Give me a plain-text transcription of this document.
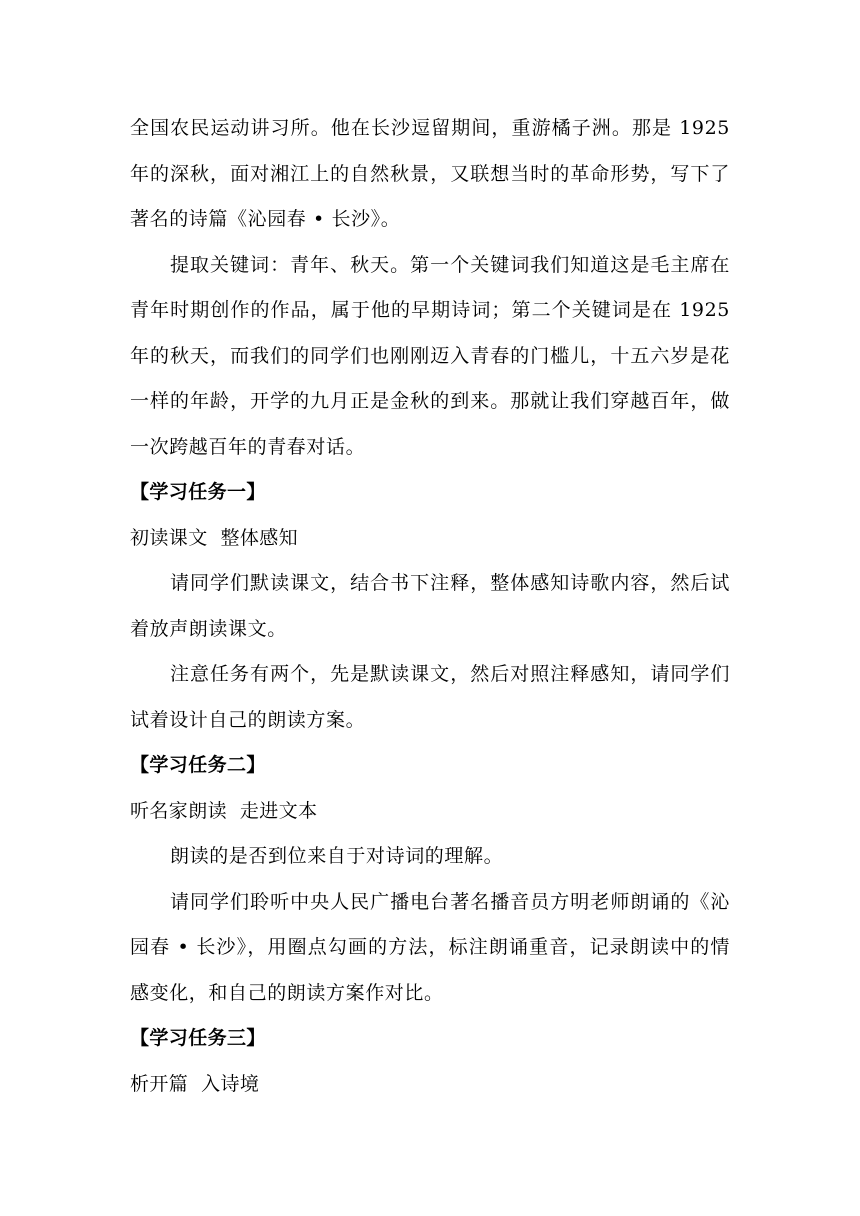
全国农民运动讲习所。他在长沙逗留期间，重游橘子洲。那是 1925 年的深秋，面对湘江上的自然秋景，又联想当时的革命形势，写下了著名的诗篇《沁园春 • 长沙》。

提取关键词：青年、秋天。第一个关键词我们知道这是毛主席在青年时期创作的作品，属于他的早期诗词；第二个关键词是在 1925 年的秋天，而我们的同学们也刚刚迈入青春的门槛儿，十五六岁是花一样的年龄，开学的九月正是金秋的到来。那就让我们穿越百年，做一次跨越百年的青春对话。

【学习任务一】

初读课文  整体感知

请同学们默读课文，结合书下注释，整体感知诗歌内容，然后试着放声朗读课文。

注意任务有两个，先是默读课文，然后对照注释感知，请同学们试着设计自己的朗读方案。

【学习任务二】

听名家朗读  走进文本

朗读的是否到位来自于对诗词的理解。

请同学们聆听中央人民广播电台著名播音员方明老师朗诵的《沁园春 • 长沙》，用圈点勾画的方法，标注朗诵重音，记录朗读中的情感变化，和自己的朗读方案作对比。

【学习任务三】

析开篇  入诗境
